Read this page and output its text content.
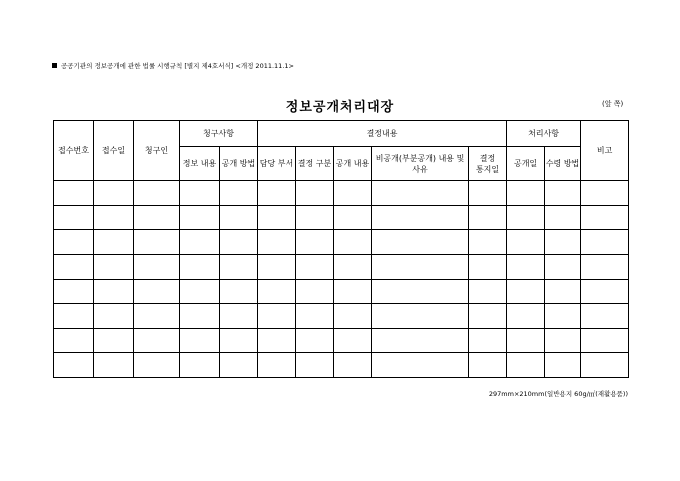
공공기관의 정보공개에 관한 법률 시행규칙 [별지 제4호서식] <개정 2011.11.1>
정보공개처리대장	(앞 쪽)
접수번호	접수일	청구인	청구사항		결정내용					처리사항		비고
			정보 내용	공개 방법	담당 부서	결정 구분	공개 내용	비공개(부분공개) 내용 및 사유	결정 통지일	공개일	수령 방법	

297mm×210mm(일반용지 60g/㎡(재활용품))
